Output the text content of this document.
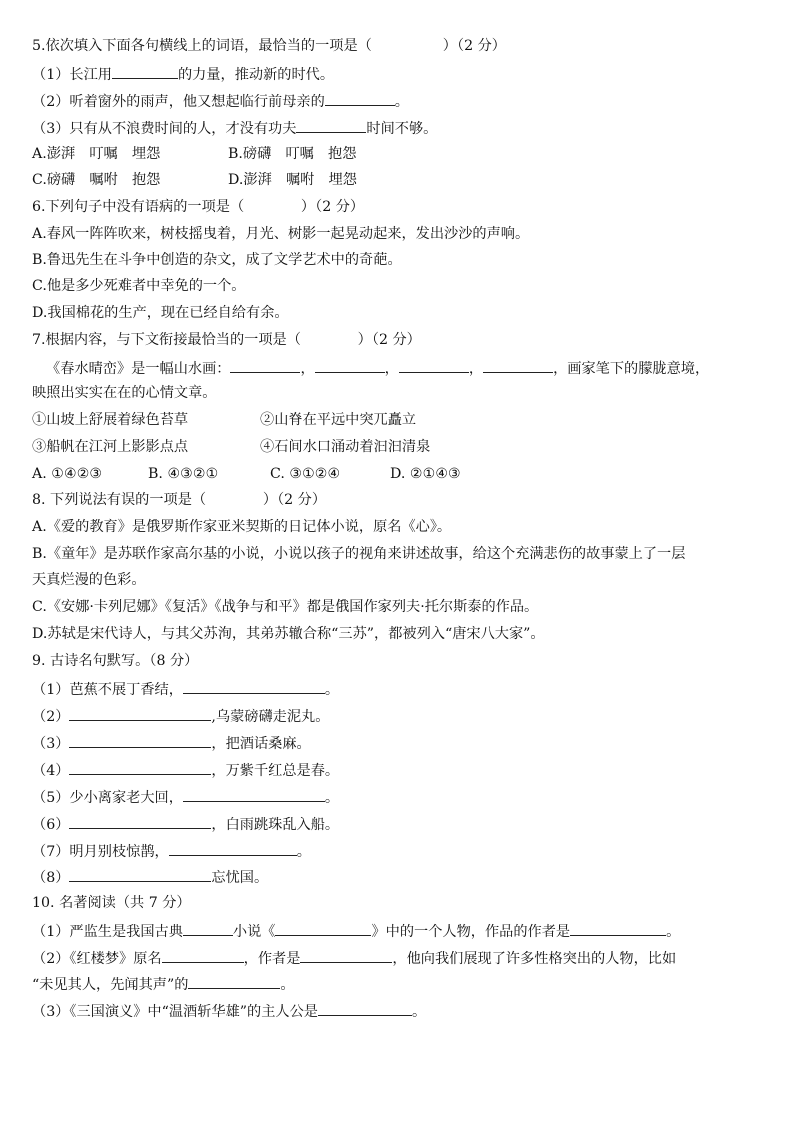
5.依次填入下面各句横线上的词语，最恰当的一项是（　　　　　）（2 分）
（1）长江用	的力量，推动新的时代。
（2）听着窗外的雨声，他又想起临行前母亲的	。
（3）只有从不浪费时间的人，才没有功夫	时间不够。
A.澎湃　叮嘱　埋怨	B.磅礴　叮嘱　抱怨
C.磅礴　嘱咐　抱怨	D.澎湃　嘱咐　埋怨
6.下列句子中没有语病的一项是（　　　　）（2 分）
A.春风一阵阵吹来，树枝摇曳着，月光、树影一起晃动起来，发出沙沙的声响。
B.鲁迅先生在斗争中创造的杂文，成了文学艺术中的奇葩。
C.他是多少死难者中幸免的一个。
D.我国棉花的生产，现在已经自给有余。
7.根据内容，与下文衔接最恰当的一项是（　　　　）（2 分）
《春水晴峦》是一幅山水画：	，	，	，	，画家笔下的朦胧意境，
映照出实实在在的心情文章。
①山坡上舒展着绿色苔草	②山脊在平远中突兀矗立
③船帆在江河上影影点点	④石间水口涌动着汩汩清泉
A. ①④②③	B. ④③②①	C. ③①②④	D. ②①④③
8. 下列说法有误的一项是（　　　　）（2 分）
A.《爱的教育》是俄罗斯作家亚米契斯的日记体小说，原名《心》。
B.《童年》是苏联作家高尔基的小说，小说以孩子的视角来讲述故事，给这个充满悲伤的故事蒙上了一层
天真烂漫的色彩。
C.《安娜·卡列尼娜》《复活》《战争与和平》都是俄国作家列夫·托尔斯泰的作品。
D.苏轼是宋代诗人，与其父苏洵，其弟苏辙合称“三苏”，都被列入“唐宋八大家”。
9. 古诗名句默写。（8 分）
（1）芭蕉不展丁香结，	。
（2）	,乌蒙磅礴走泥丸。
（3）	，把酒话桑麻。
（4）	，万紫千红总是春。
（5）少小离家老大回，	。
（6）	，白雨跳珠乱入船。
（7）明月别枝惊鹊，	。
（8）	忘忧国。
10. 名著阅读（共 7 分）
（1）严监生是我国古典	小说《	》中的一个人物，作品的作者是	。
（2）《红楼梦》原名	，作者是	，他向我们展现了许多性格突出的人物，比如
“未见其人，先闻其声”的	。
（3）《三国演义》中“温酒斩华雄”的主人公是	。
